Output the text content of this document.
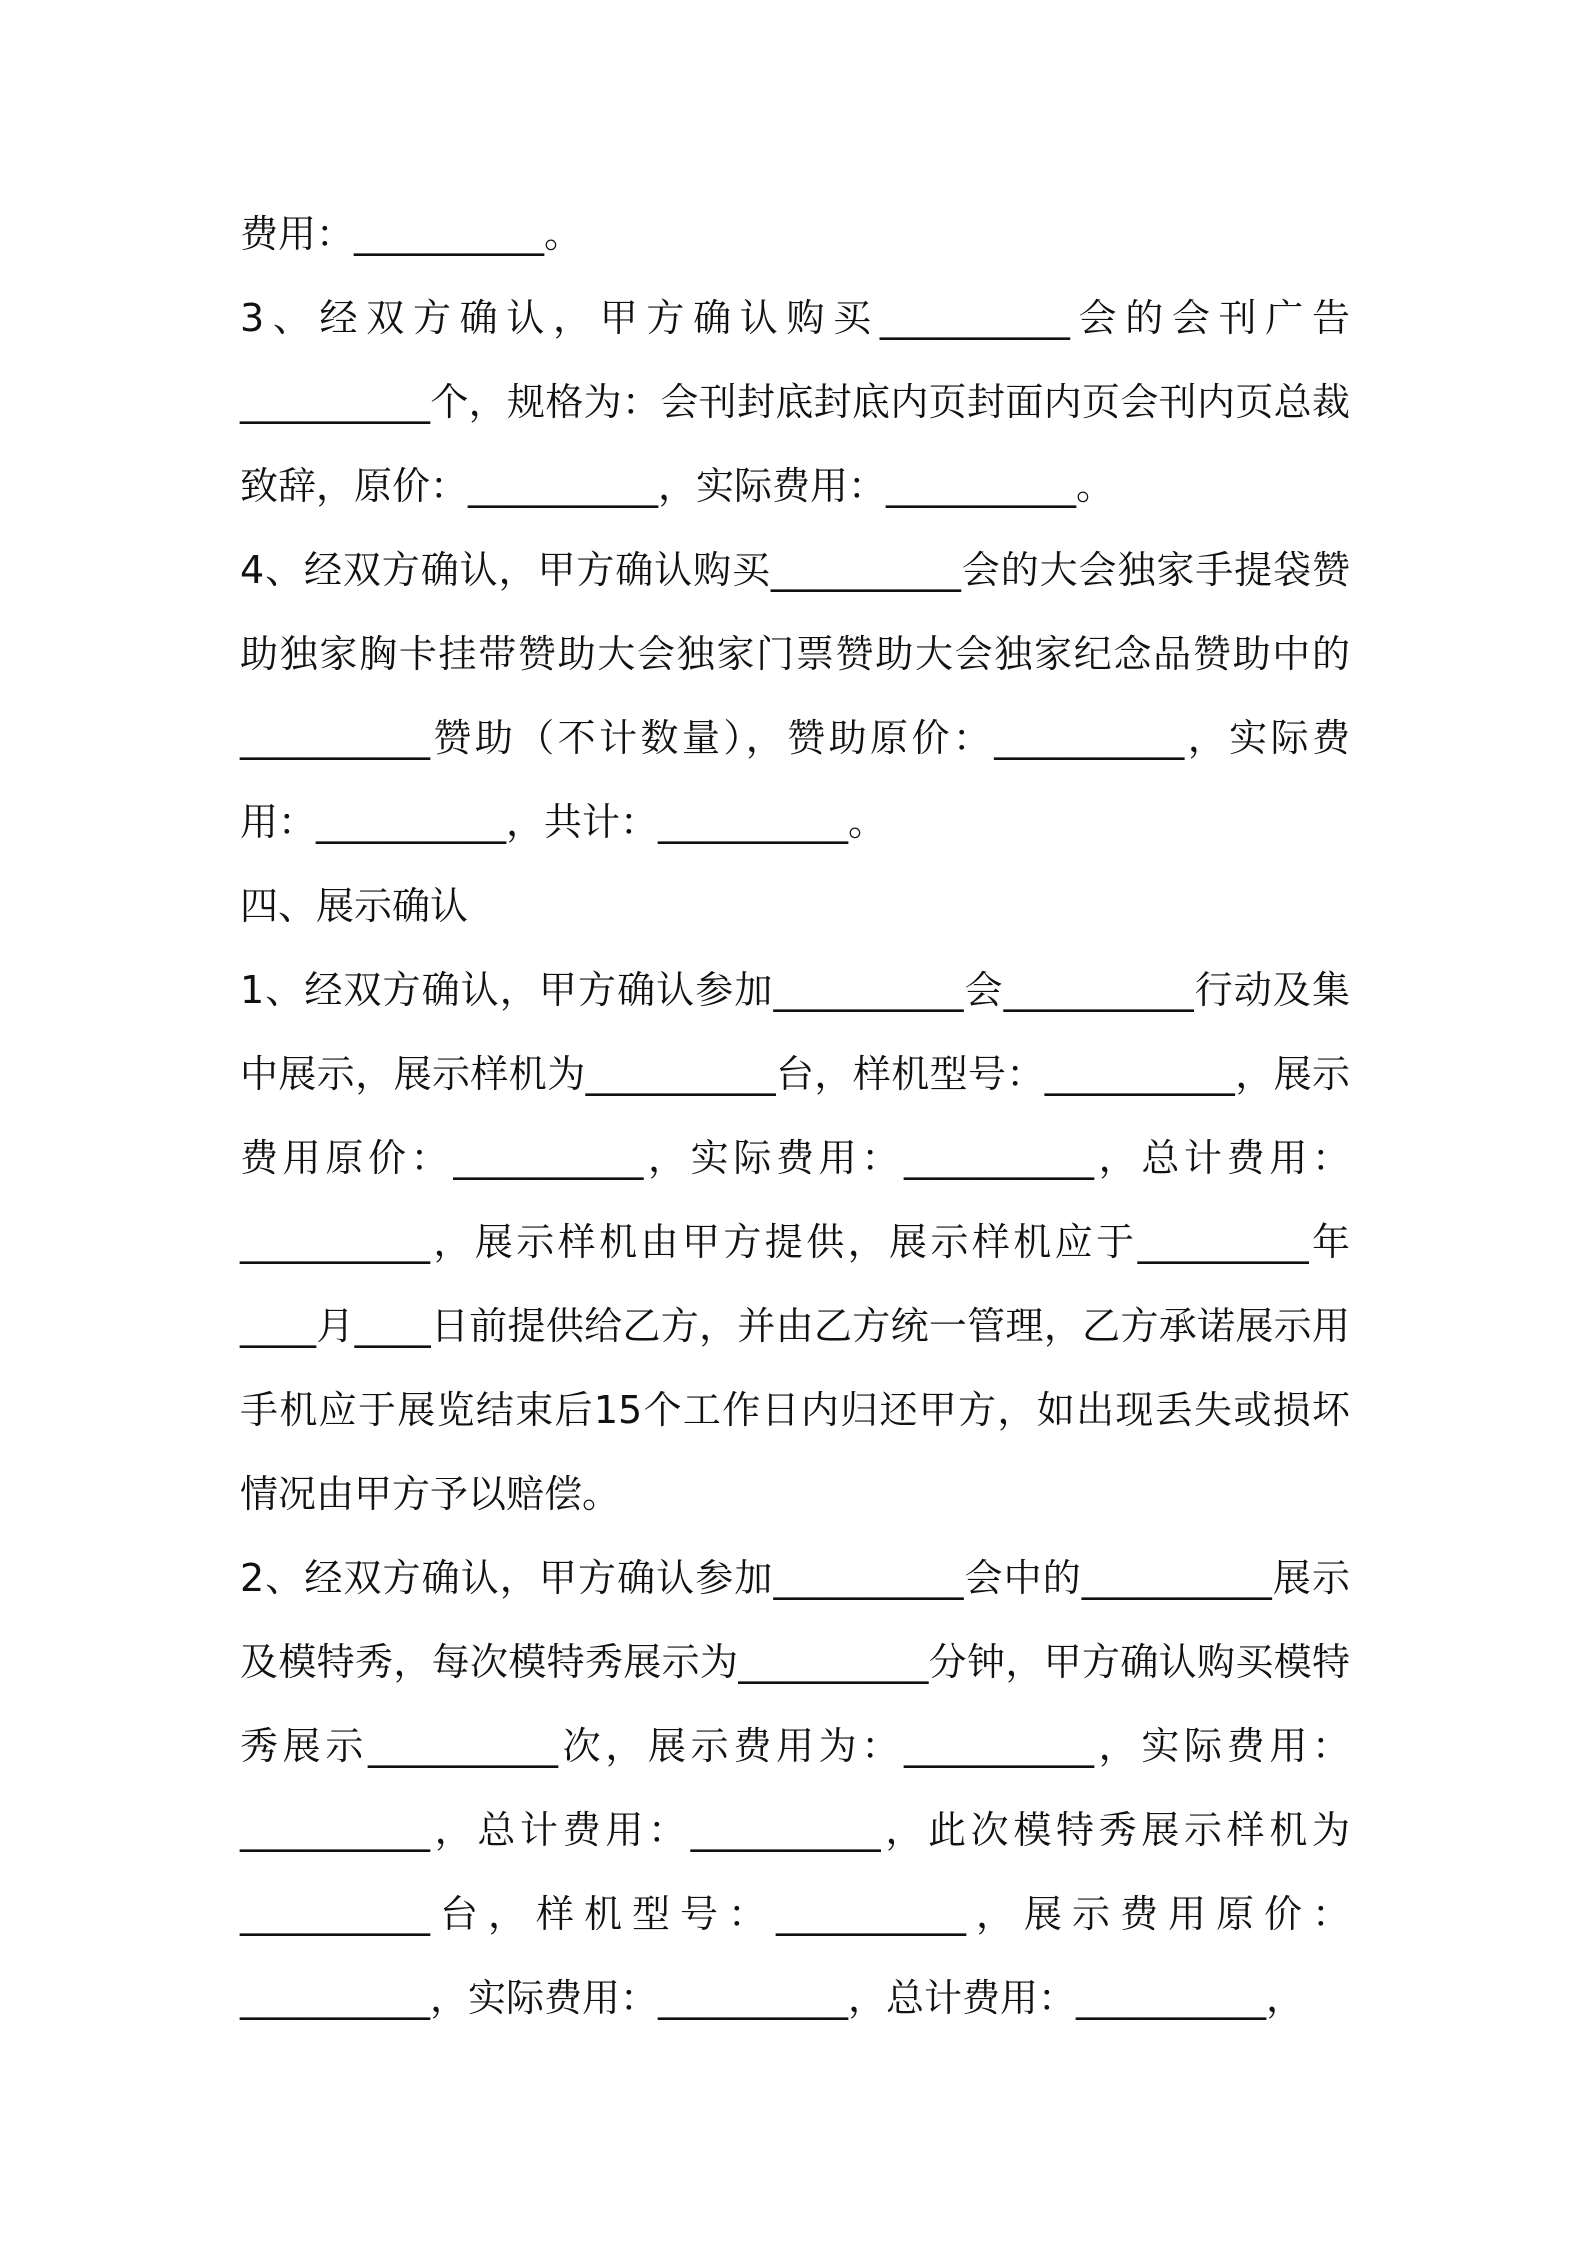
费用：__________。

3、经双方确认，甲方确认购买__________会的会刊广告__________个，规格为：会刊封底封底内页封面内页会刊内页总裁致辞，原价：__________，实际费用：__________。

4、经双方确认，甲方确认购买__________会的大会独家手提袋赞助独家胸卡挂带赞助大会独家门票赞助大会独家纪念品赞助中的__________赞助（不计数量），赞助原价：__________，实际费用：__________，共计：__________。

四、展示确认

1、经双方确认，甲方确认参加__________会__________行动及集中展示，展示样机为__________台，样机型号：__________，展示费用原价：__________，实际费用：__________，总计费用：__________，展示样机由甲方提供，展示样机应于_________年____月____日前提供给乙方，并由乙方统一管理，乙方承诺展示用手机应于展览结束后15个工作日内归还甲方，如出现丢失或损坏情况由甲方予以赔偿。

2、经双方确认，甲方确认参加__________会中的__________展示及模特秀，每次模特秀展示为__________分钟，甲方确认购买模特秀展示__________次，展示费用为：__________，实际费用：__________，总计费用：__________，此次模特秀展示样机为__________台，样机型号：__________，展示费用原价：__________，实际费用：__________，总计费用：__________，
